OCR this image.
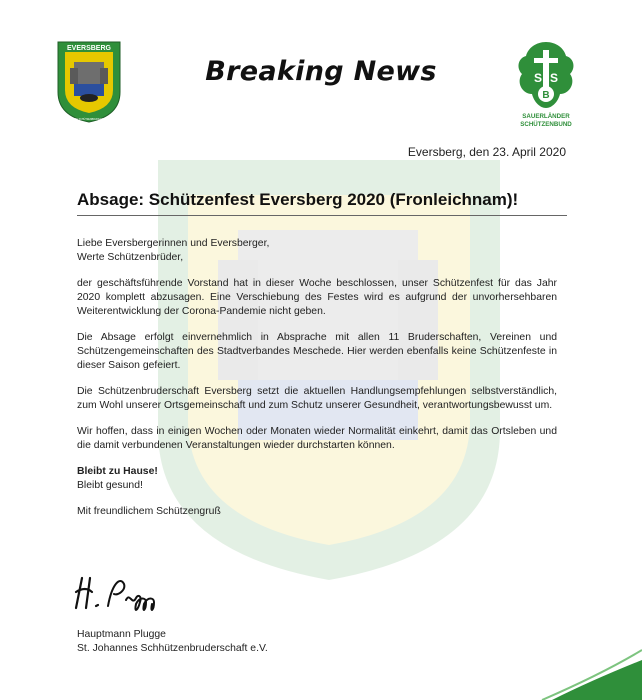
EVERSBERG
ST. JOHANNES SCHÜTZENBRUDERSCHAFT 1833
Breaking News	S S
B
SAUERLÄNDER
SCHÜTZENBUND
Eversberg, den 23. April 2020
Absage: Schützenfest Eversberg 2020 (Fronleichnam)!

Liebe Eversbergerinnen und Eversberger,
Werte Schützenbrüder,

der geschäftsführende Vorstand hat in dieser Woche beschlossen, unser Schützenfest für das Jahr 2020 komplett abzusagen. Eine Verschiebung des Festes wird es aufgrund der unvorhersehbaren Weiterentwicklung der Corona-Pandemie nicht geben.

Die Absage erfolgt einvernehmlich in Absprache mit allen 11 Bruderschaften, Vereinen und Schützengemeinschaften des Stadtverbandes Meschede. Hier werden ebenfalls keine Schützenfeste in dieser Saison gefeiert.

Die Schützenbruderschaft Eversberg setzt die aktuellen Handlungsempfehlungen selbstverständlich, zum Wohl unserer Ortsgemeinschaft und zum Schutz unserer Gesundheit, verantwortungsbewusst um.

Wir hoffen, dass in einigen Wochen oder Monaten wieder Normalität einkehrt, damit das Ortsleben und die damit verbundenen Veranstaltungen wieder durchstarten können.

Bleibt zu Hause!
Bleibt gesund!

Mit freundlichem Schützengruß

Hauptmann Plugge
St. Johannes Schhützenbruderschaft e.V.
